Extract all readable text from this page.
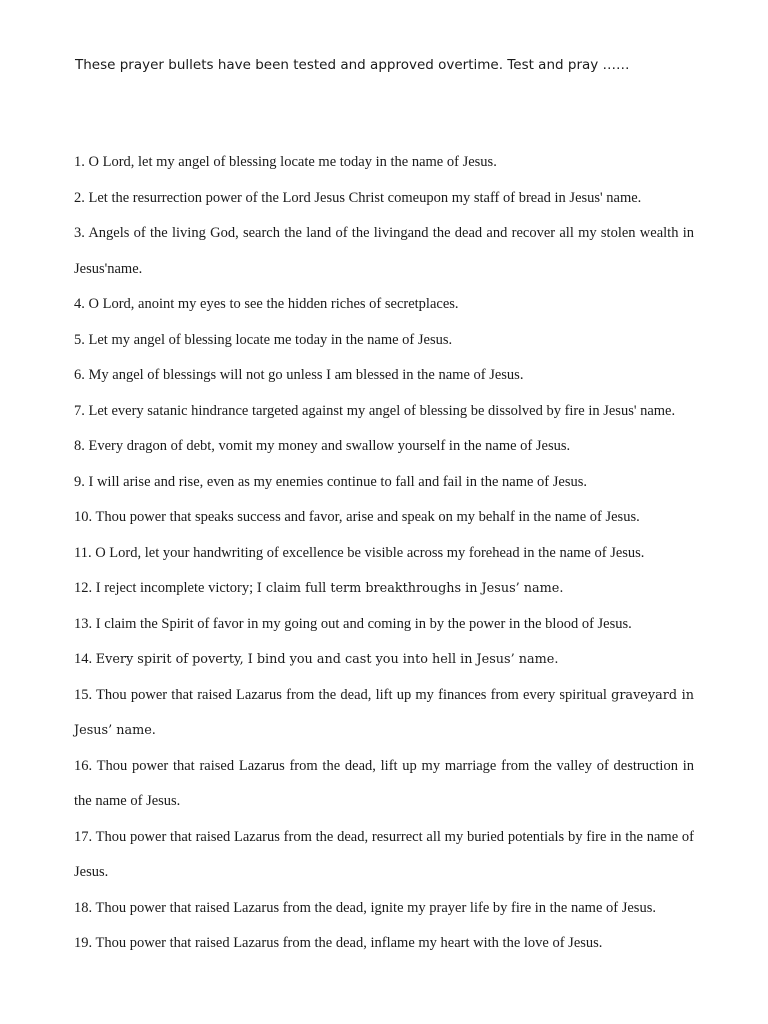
These prayer bullets have been tested and approved overtime. Test and pray ……
1. O Lord, let my angel of blessing locate me today in the name of Jesus.
2. Let the resurrection power of the Lord Jesus Christ comeupon my staff of bread in Jesus' name.
3. Angels of the living God, search the land of the livingand the dead and recover all my stolen wealth in Jesus'name.
4. O Lord, anoint my eyes to see the hidden riches of secretplaces.
5. Let my angel of blessing locate me today in the name of Jesus.
6. My angel of blessings will not go unless I am blessed in the name of Jesus.
7. Let every satanic hindrance targeted against my angel of blessing be dissolved by fire in Jesus' name.
8. Every dragon of debt, vomit my money and swallow yourself in the name of Jesus.
9. I will arise and rise, even as my enemies continue to fall and fail in the name of Jesus.
10. Thou power that speaks success and favor, arise and speak on my behalf in the name of Jesus.
11. O Lord, let your handwriting of excellence be visible across my forehead in the name of Jesus.
12. I reject incomplete victory; I claim full term breakthroughs in Jesus’ name.
13. I claim the Spirit of favor in my going out and coming in by the power in the blood of Jesus.
14. Every spirit of poverty, I bind you and cast you into hell in Jesus’ name.
15. Thou power that raised Lazarus from the dead, lift up my finances from every spiritual graveyard in Jesus’ name.
16. Thou power that raised Lazarus from the dead, lift up my marriage from the valley of destruction in the name of Jesus.
17. Thou power that raised Lazarus from the dead, resurrect all my buried potentials by fire in the name of Jesus.
18. Thou power that raised Lazarus from the dead, ignite my prayer life by fire in the name of Jesus.
19. Thou power that raised Lazarus from the dead, inflame my heart with the love of Jesus.
